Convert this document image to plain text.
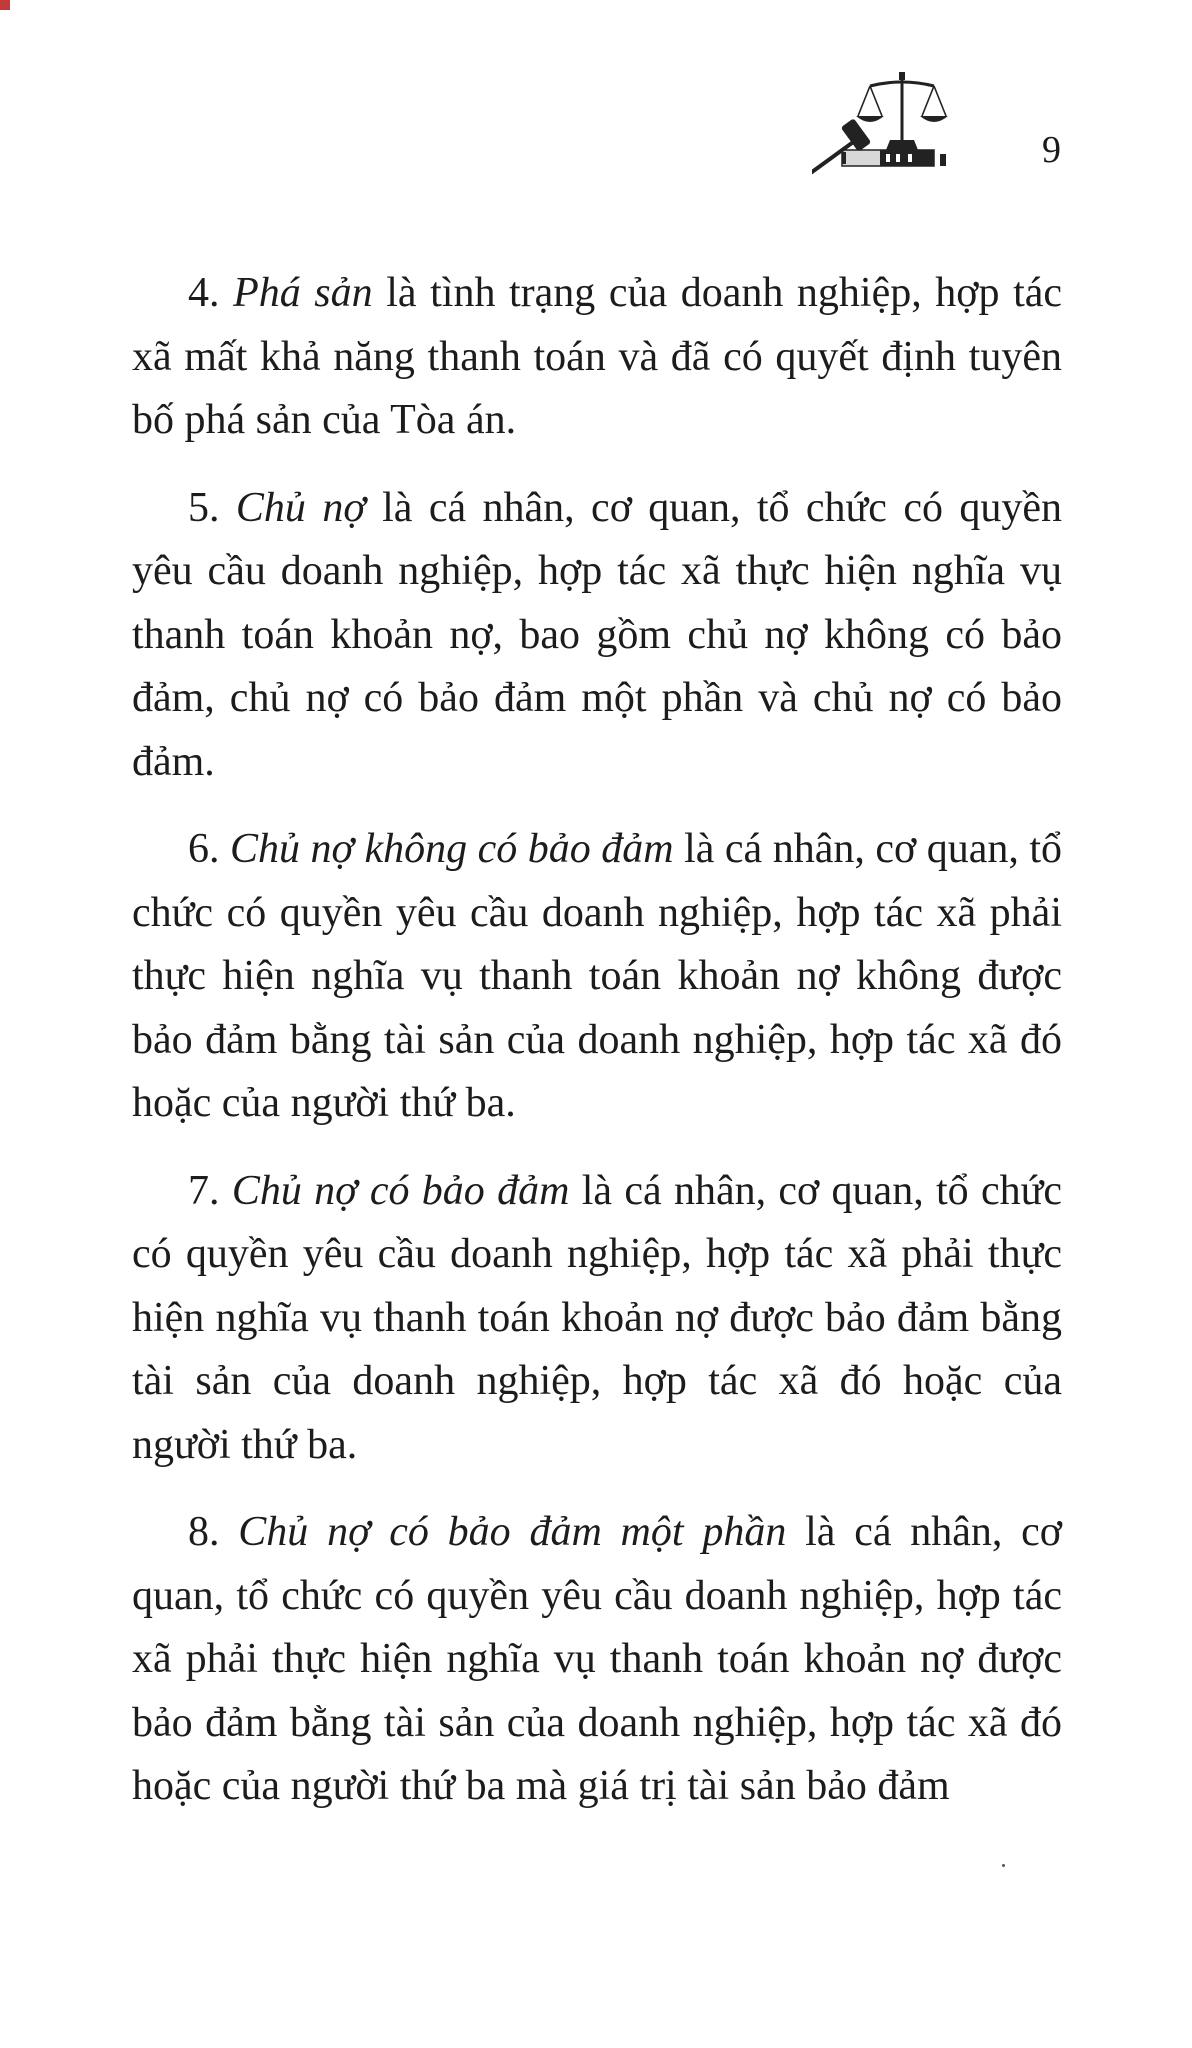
9

4. Phá sản là tình trạng của doanh nghiệp, hợp tác xã mất khả năng thanh toán và đã có quyết định tuyên bố phá sản của Tòa án.

5. Chủ nợ là cá nhân, cơ quan, tổ chức có quyền yêu cầu doanh nghiệp, hợp tác xã thực hiện nghĩa vụ thanh toán khoản nợ, bao gồm chủ nợ không có bảo đảm, chủ nợ có bảo đảm một phần và chủ nợ có bảo đảm.

6. Chủ nợ không có bảo đảm là cá nhân, cơ quan, tổ chức có quyền yêu cầu doanh nghiệp, hợp tác xã phải thực hiện nghĩa vụ thanh toán khoản nợ không được bảo đảm bằng tài sản của doanh nghiệp, hợp tác xã đó hoặc của người thứ ba.

7. Chủ nợ có bảo đảm là cá nhân, cơ quan, tổ chức có quyền yêu cầu doanh nghiệp, hợp tác xã phải thực hiện nghĩa vụ thanh toán khoản nợ được bảo đảm bằng tài sản của doanh nghiệp, hợp tác xã đó hoặc của người thứ ba.

8. Chủ nợ có bảo đảm một phần là cá nhân, cơ quan, tổ chức có quyền yêu cầu doanh nghiệp, hợp tác xã phải thực hiện nghĩa vụ thanh toán khoản nợ được bảo đảm bằng tài sản của doanh nghiệp, hợp tác xã đó hoặc của người thứ ba mà giá trị tài sản bảo đảm
